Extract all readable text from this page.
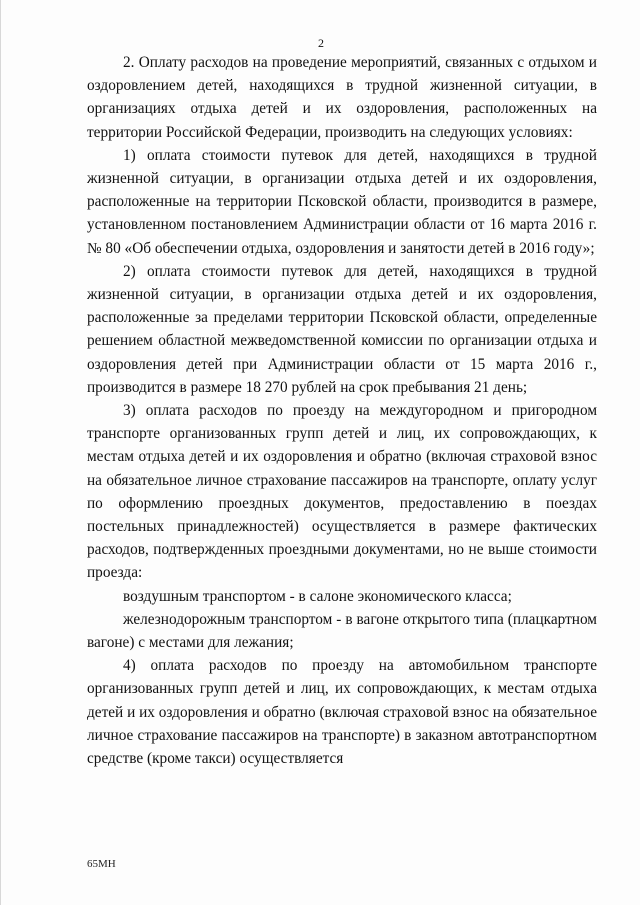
2

2. Оплату расходов на проведение мероприятий, связанных с отдыхом и оздоровлением детей, находящихся в трудной жизненной ситуации, в организациях отдыха детей и их оздоровления, расположенных на территории Российской Федерации, производить на следующих условиях:

1) оплата стоимости путевок для детей, находящихся в трудной жизненной ситуации, в организации отдыха детей и их оздоровления, расположенные на территории Псковской области, производится в размере, установленном постановлением Администрации области от 16 марта 2016 г. № 80 «Об обеспечении отдыха, оздоровления и занятости детей в 2016 году»;

2) оплата стоимости путевок для детей, находящихся в трудной жизненной ситуации, в организации отдыха детей и их оздоровления, расположенные за пределами территории Псковской области, определенные решением областной межведомственной комиссии по организации отдыха и оздоровления детей при Администрации области от 15 марта 2016 г., производится в размере 18 270 рублей на срок пребывания 21 день;

3) оплата расходов по проезду на междугородном и пригородном транспорте организованных групп детей и лиц, их сопровождающих, к местам отдыха детей и их оздоровления и обратно (включая страховой взнос на обязательное личное страхование пассажиров на транспорте, оплату услуг по оформлению проездных документов, предоставлению в поездах постельных принадлежностей) осуществляется в размере фактических расходов, подтвержденных проездными документами, но не выше стоимости проезда:

воздушным транспортом - в салоне экономического класса;

железнодорожным транспортом - в вагоне открытого типа (плацкартном вагоне) с местами для лежания;

4) оплата расходов по проезду на автомобильном транспорте организованных групп детей и лиц, их сопровождающих, к местам отдыха детей и их оздоровления и обратно (включая страховой взнос на обязательное личное страхование пассажиров на транспорте) в заказном автотранспортном средстве (кроме такси) осуществляется

65МН
